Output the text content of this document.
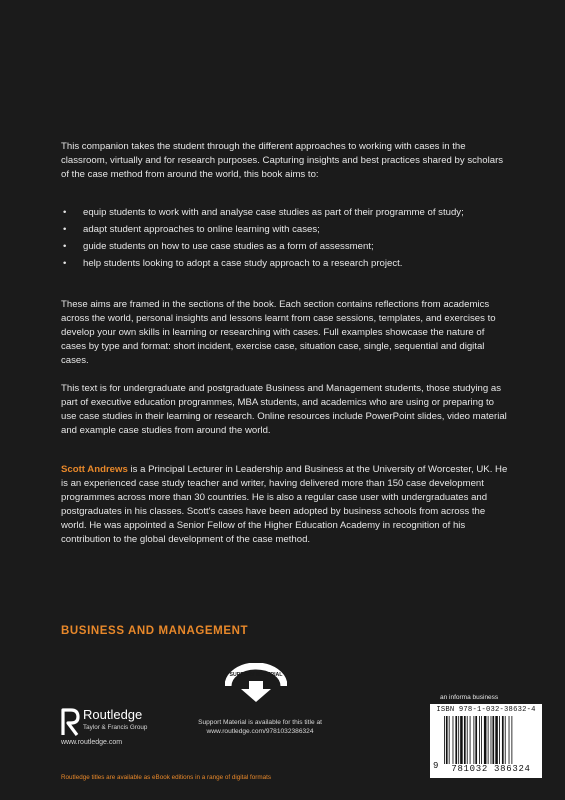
This companion takes the student through the different approaches to working with cases in the classroom, virtually and for research purposes. Capturing insights and best practices shared by scholars of the case method from around the world, this book aims to:

• equip students to work with and analyse case studies as part of their programme of study;
• adapt student approaches to online learning with cases;
• guide students on how to use case studies as a form of assessment;
• help students looking to adopt a case study approach to a research project.

These aims are framed in the sections of the book. Each section contains reflections from academics across the world, personal insights and lessons learnt from case sessions, templates, and exercises to develop your own skills in learning or researching with cases. Full examples showcase the nature of cases by type and format: short incident, exercise case, situation case, single, sequential and digital cases.

This text is for undergraduate and postgraduate Business and Management students, those studying as part of executive education programmes, MBA students, and academics who are using or preparing to use case studies in their learning or research. Online resources include PowerPoint slides, video material and example case studies from around the world.

Scott Andrews is a Principal Lecturer in Leadership and Business at the University of Worcester, UK. He is an experienced case study teacher and writer, having delivered more than 150 case development programmes across more than 30 countries. He is also a regular case user with undergraduates and postgraduates in his classes. Scott's cases have been adopted by business schools from across the world. He was appointed a Senior Fellow of the Higher Education Academy in recognition of his contribution to the global development of the case method.

BUSINESS AND MANAGEMENT
SUPPORT MATERIAL
Support Material is available for this title at
www.routledge.com/9781032386324
Routledge
Taylor & Francis Group
www.routledge.com
an informa business
ISBN 978-1-032-38632-4
9	781032 386324
Routledge titles are available as eBook editions in a range of digital formats
